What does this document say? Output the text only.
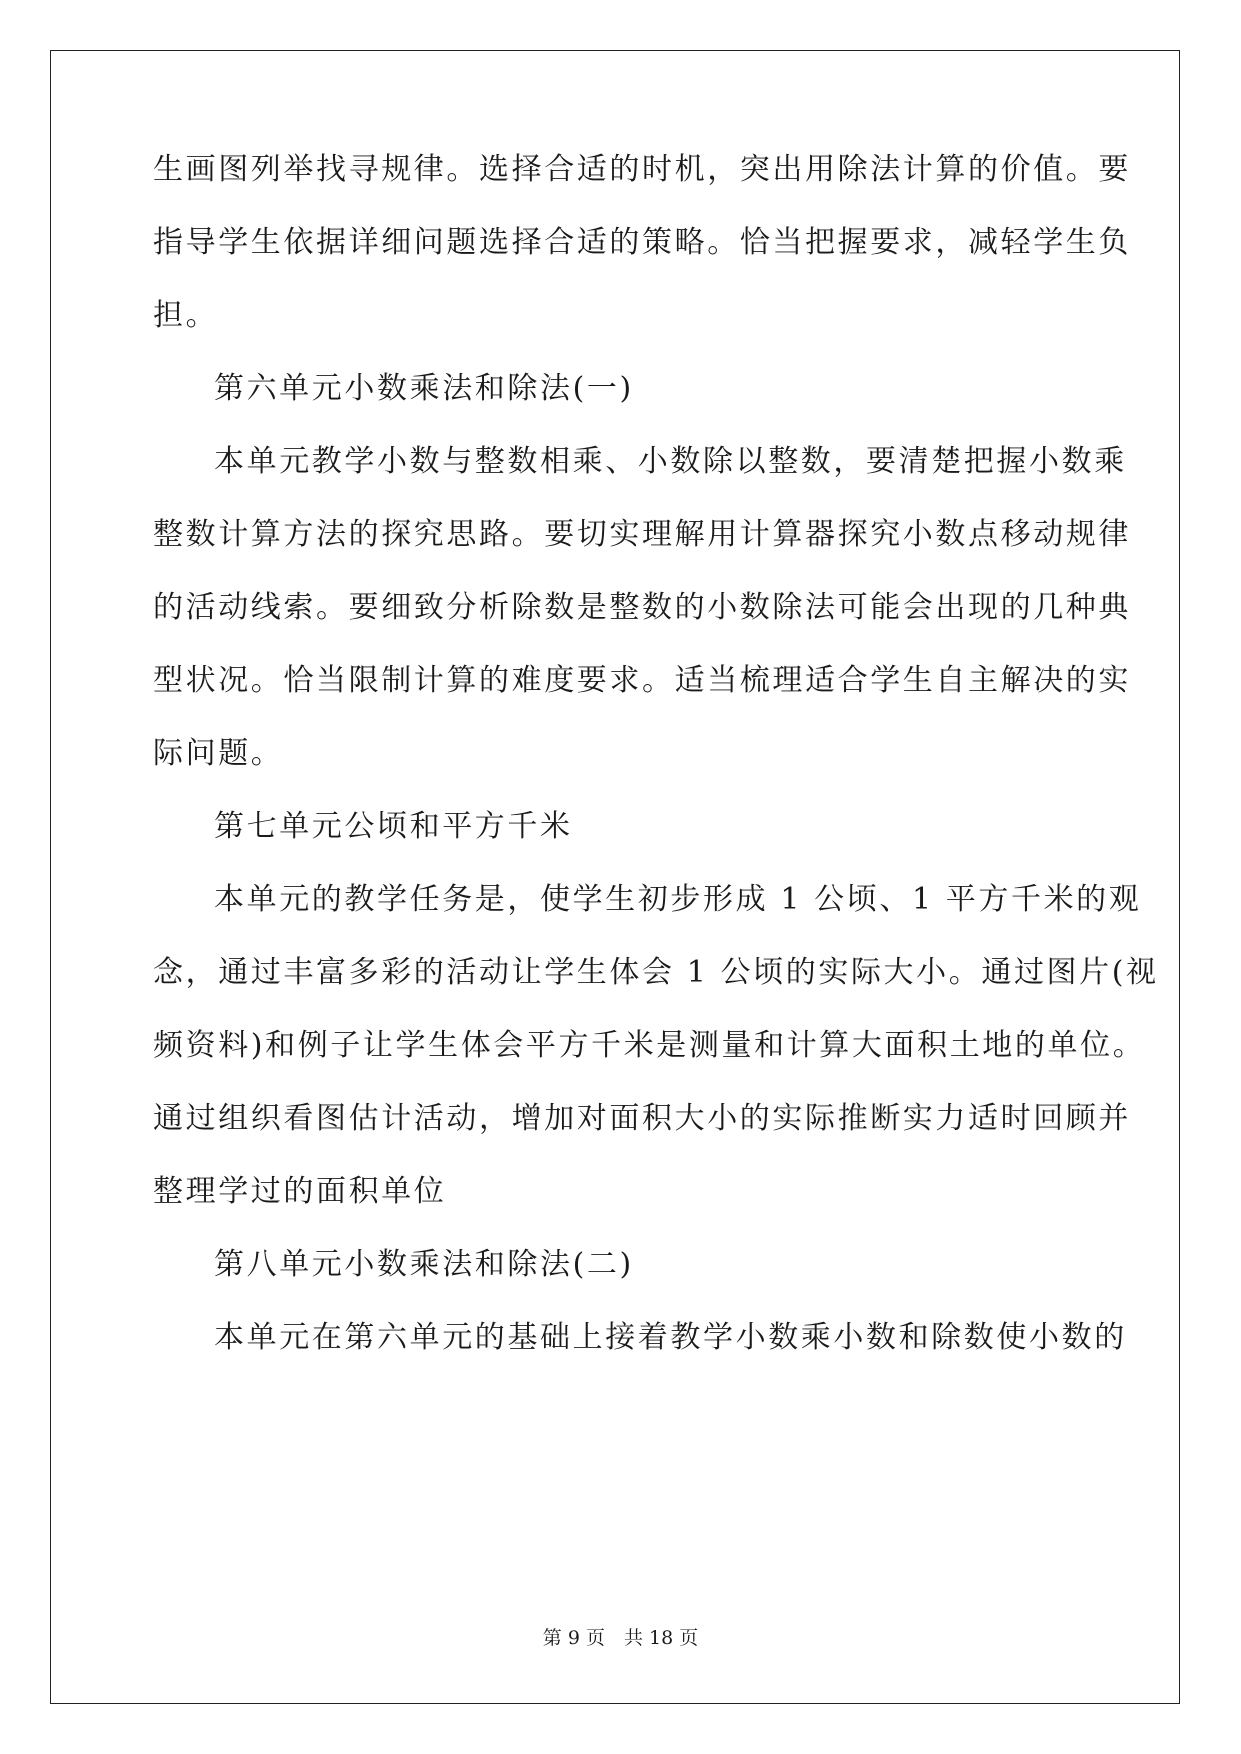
生画图列举找寻规律。选择合适的时机，突出用除法计算的价值。要
指导学生依据详细问题选择合适的策略。恰当把握要求，减轻学生负
担。
第六单元小数乘法和除法(一)
本单元教学小数与整数相乘、小数除以整数，要清楚把握小数乘
整数计算方法的探究思路。要切实理解用计算器探究小数点移动规律
的活动线索。要细致分析除数是整数的小数除法可能会出现的几种典
型状况。恰当限制计算的难度要求。适当梳理适合学生自主解决的实
际问题。
第七单元公顷和平方千米
本单元的教学任务是，使学生初步形成 1 公顷、1 平方千米的观
念，通过丰富多彩的活动让学生体会 1 公顷的实际大小。通过图片(视
频资料)和例子让学生体会平方千米是测量和计算大面积土地的单位。
通过组织看图估计活动，增加对面积大小的实际推断实力适时回顾并
整理学过的面积单位
第八单元小数乘法和除法(二)
本单元在第六单元的基础上接着教学小数乘小数和除数使小数的
第 9 页　共 18 页
